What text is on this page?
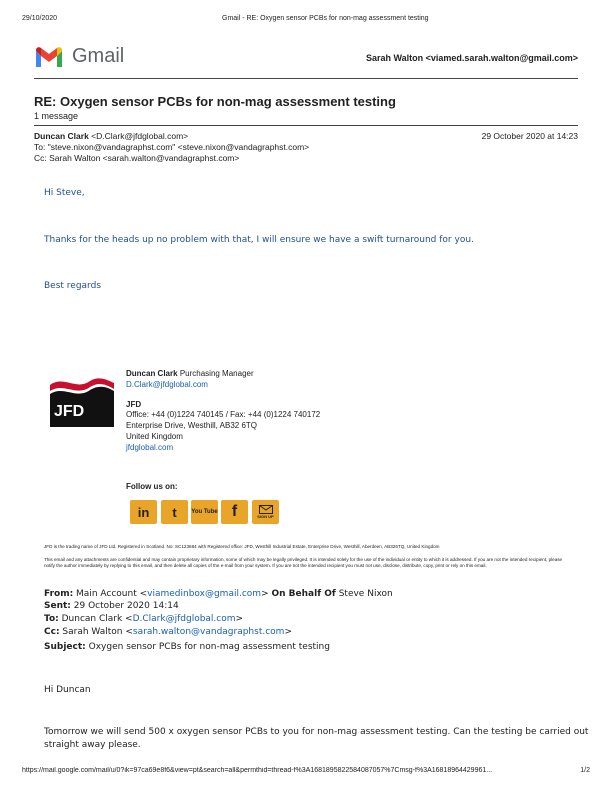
29/10/2020	Gmail - RE: Oxygen sensor PCBs for non-mag assessment testing
Gmail	Sarah Walton <viamed.sarah.walton@gmail.com>
RE: Oxygen sensor PCBs for non-mag assessment testing
1 message
Duncan Clark <D.Clark@jfdglobal.com>	29 October 2020 at 14:23
To: "steve.nixon@vandagraphst.com" <steve.nixon@vandagraphst.com>
Cc: Sarah Walton <sarah.walton@vandagraphst.com>
Hi Steve,
Thanks for the heads up no problem with that, I will ensure we have a swift turnaround for you.
Best regards
JFD
Duncan Clark Purchasing Manager
D.Clark@jfdglobal.com
JFD
Office: +44 (0)1224 740145 / Fax: +44 (0)1224 740172
Enterprise Drive, Westhill, AB32 6TQ
United Kingdom
jfdglobal.com
Follow us on:
in t You Tube f	SIGN UP
JFD is the trading name of JFD Ltd. Registered in Scotland. No: SC123684 with Registered office: JFD, Westhill Industrial Estate, Enterprise Drive, Westhill, Aberdeen, AB326TQ, United Kingdom
This email and any attachments are confidential and may contain proprietary information, some of which may be legally privileged. It is intended solely for the use of the individual or entity to which it is addressed. If you are not the intended recipient, please notify the author immediately by replying to this email, and then delete all copies of the e-mail from your system. If you are not the intended recipient you must not use, disclose, distribute, copy, print or rely on this email.
From: Main Account <viamedinbox@gmail.com> On Behalf Of Steve Nixon
Sent: 29 October 2020 14:14
To: Duncan Clark <D.Clark@jfdglobal.com>
Cc: Sarah Walton <sarah.walton@vandagraphst.com>
Subject: Oxygen sensor PCBs for non-mag assessment testing
Hi Duncan
Tomorrow we will send 500 x oxygen sensor PCBs to you for non-mag assessment testing. Can the testing be carried out
straight away please.
https://mail.google.com/mail/u/0?ik=97ca69e8f6&view=pt&search=all&permthid=thread-f%3A1681895822584087057%7Cmsg-f%3A16818964429961...	1/2
